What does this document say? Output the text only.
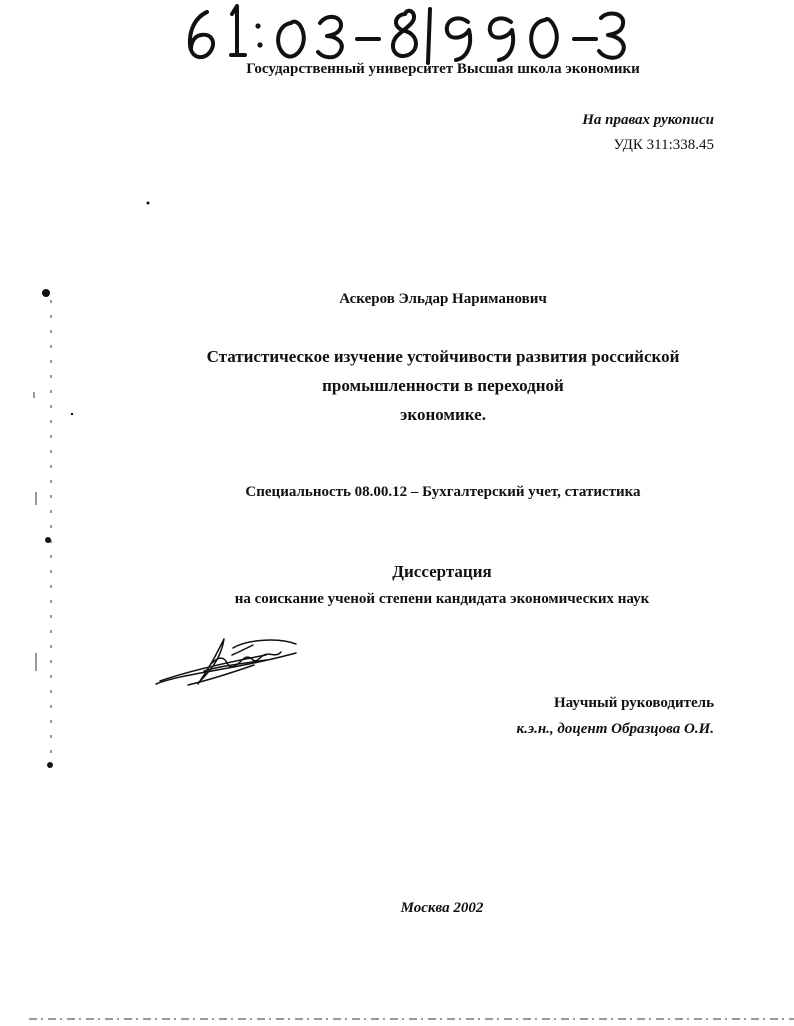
Государственный университет Высшая школа экономики
На правах рукописи
УДК 311:338.45
Аскеров Эльдар Нариманович
Статистическое изучение устойчивости развития российской
промышленности в переходной
экономике.
Специальность 08.00.12 – Бухгалтерский учет, статистика
Диссертация
на соискание ученой степени кандидата экономических наук
Научный руководитель
к.э.н., доцент Образцова О.И.
Москва 2002
